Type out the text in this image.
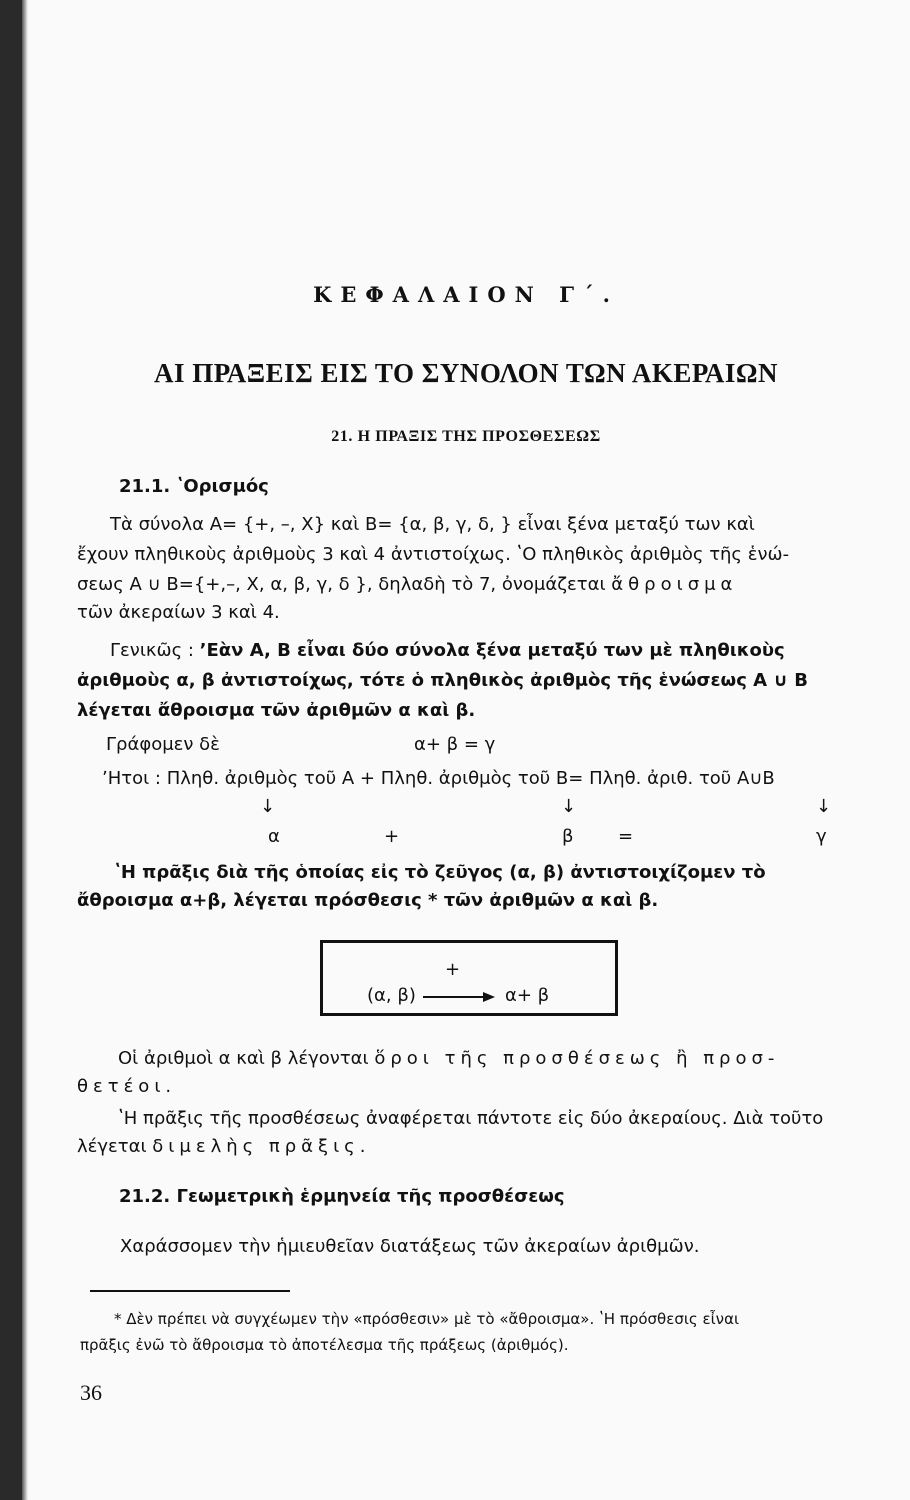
ΚΕΦΑΛΑΙΟΝ Γ΄.
ΑΙ ΠΡΑΞΕΙΣ ΕΙΣ ΤΟ ΣΥΝΟΛΟΝ ΤΩΝ ΑΚΕΡΑΙΩΝ
21. Η ΠΡΑΞΙΣ ΤΗΣ ΠΡΟΣΘΕΣΕΩΣ
21.1. ʽΟρισμός
Τὰ σύνολα A= {+, –, X} καὶ B= {α, β, γ, δ, } εἶναι ξένα μεταξύ των καὶ
ἔχουν πληθικοὺς ἀριθμοὺς 3 καὶ 4 ἀντιστοίχως. ʽΟ πληθικὸς ἀριθμὸς τῆς ἑνώ-
σεως A ∪ B={+,–, X, α, β, γ, δ }, δηλαδὴ τὸ 7, ὀνομάζεται ἄθροισμα
τῶν ἀκεραίων 3 καὶ 4.
Γενικῶς : ʼΕὰν A, B εἶναι δύο σύνολα ξένα μεταξύ των μὲ πληθικοὺς
ἀριθμοὺς α, β ἀντιστοίχως, τότε ὁ πληθικὸς ἀριθμὸς τῆς ἑνώσεως A ∪ B
λέγεται ἄθροισμα τῶν ἀριθμῶν α καὶ β.
Γράφομεν δὲ	α+ β = γ
ʼΗτοι : Πληθ. ἀριθμὸς τοῦ A + Πληθ. ἀριθμὸς τοῦ B= Πληθ. ἀριθ. τοῦ A∪B
↓	↓	↓
α	+	β =	γ
ʽΗ πρᾶξις διὰ τῆς ὁποίας εἰς τὸ ζεῦγος (α, β) ἀντιστοιχίζομεν τὸ
ἄθροισμα α+β, λέγεται πρόσθεσις * τῶν ἀριθμῶν α καὶ β.
+
(α, β)	α+ β
Οἱ ἀριθμοὶ α καὶ β λέγονται ὅροι τῆς προσθέσεως ἢ προσ-
θετέοι.
ʽΗ πρᾶξις τῆς προσθέσεως ἀναφέρεται πάντοτε εἰς δύο ἀκεραίους. Διὰ τοῦτο
λέγεται διμελὴς πρᾶξις.
21.2. Γεωμετρικὴ ἑρμηνεία τῆς προσθέσεως
Χαράσσομεν τὴν ἡμιευθεῖαν διατάξεως τῶν ἀκεραίων ἀριθμῶν.
* Δὲν πρέπει νὰ συγχέωμεν τὴν «πρόσθεσιν» μὲ τὸ «ἄθροισμα». ʽΗ πρόσθεσις εἶναι
πρᾶξις ἐνῶ τὸ ἄθροισμα τὸ ἀποτέλεσμα τῆς πράξεως (ἀριθμός).
36
